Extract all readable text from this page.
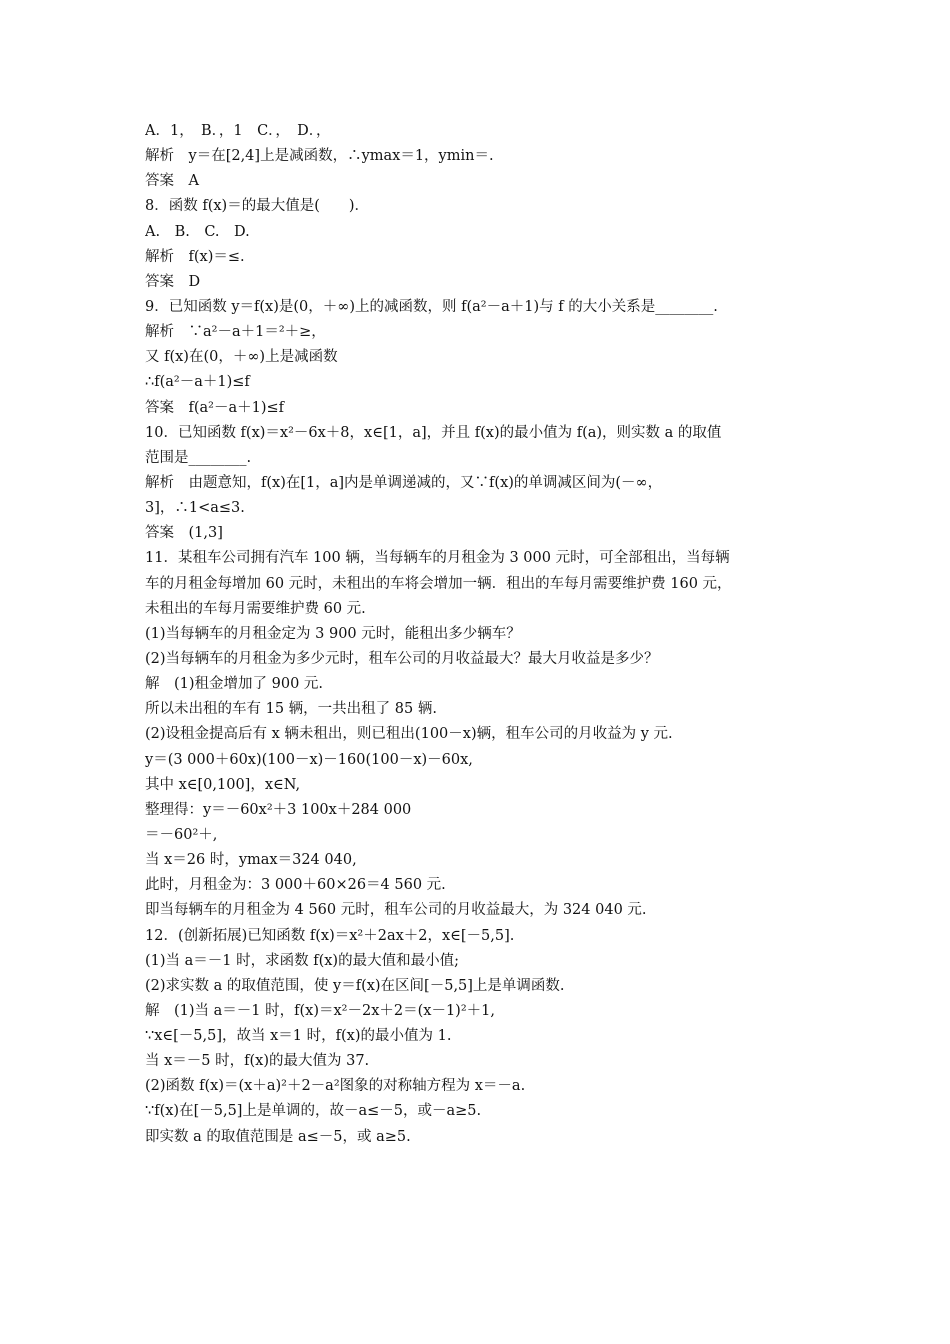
A．1，　B．，1　C．，　D．，
解析　y＝在[2,4]上是减函数，∴ymax＝1，ymin＝.
答案　A
8．函数 f(x)＝的最大值是(　　)．
A.　B.　C.　D.
解析　f(x)＝≤.
答案　D
9．已知函数 y＝f(x)是(0，＋∞)上的减函数，则 f(a²－a＋1)与 f 的大小关系是________.
解析　∵a²－a＋1＝²＋≥，
又 f(x)在(0，＋∞)上是减函数
∴f(a²－a＋1)≤f
答案　f(a²－a＋1)≤f
10．已知函数 f(x)＝x²－6x＋8，x∈[1，a]，并且 f(x)的最小值为 f(a)，则实数 a 的取值
范围是________.
解析　由题意知，f(x)在[1，a]内是单调递减的，又∵f(x)的单调减区间为(－∞，
3]，∴1<a≤3.
答案　(1,3]
11．某租车公司拥有汽车 100 辆，当每辆车的月租金为 3 000 元时，可全部租出，当每辆
车的月租金每增加 60 元时，未租出的车将会增加一辆．租出的车每月需要维护费 160 元，
未租出的车每月需要维护费 60 元.
(1)当每辆车的月租金定为 3 900 元时，能租出多少辆车？
(2)当每辆车的月租金为多少元时，租车公司的月收益最大？最大月收益是多少？
解　(1)租金增加了 900 元.
所以未出租的车有 15 辆，一共出租了 85 辆.
(2)设租金提高后有 x 辆未租出，则已租出(100－x)辆，租车公司的月收益为 y 元.
y＝(3 000＋60x)(100－x)－160(100－x)－60x,
其中 x∈[0,100]，x∈N,
整理得：y＝－60x²＋3 100x＋284 000
＝－60²＋,
当 x＝26 时，ymax＝324 040,
此时，月租金为：3 000＋60×26＝4 560 元.
即当每辆车的月租金为 4 560 元时，租车公司的月收益最大，为 324 040 元.
12．(创新拓展)已知函数 f(x)＝x²＋2ax＋2，x∈[－5,5].
(1)当 a＝－1 时，求函数 f(x)的最大值和最小值;
(2)求实数 a 的取值范围，使 y＝f(x)在区间[－5,5]上是单调函数.
解　(1)当 a＝－1 时，f(x)＝x²－2x＋2＝(x－1)²＋1,
∵x∈[－5,5]，故当 x＝1 时，f(x)的最小值为 1.
当 x＝－5 时，f(x)的最大值为 37.
(2)函数 f(x)＝(x＋a)²＋2－a²图象的对称轴方程为 x＝－a.
∵f(x)在[－5,5]上是单调的，故－a≤－5，或－a≥5.
即实数 a 的取值范围是 a≤－5，或 a≥5.
